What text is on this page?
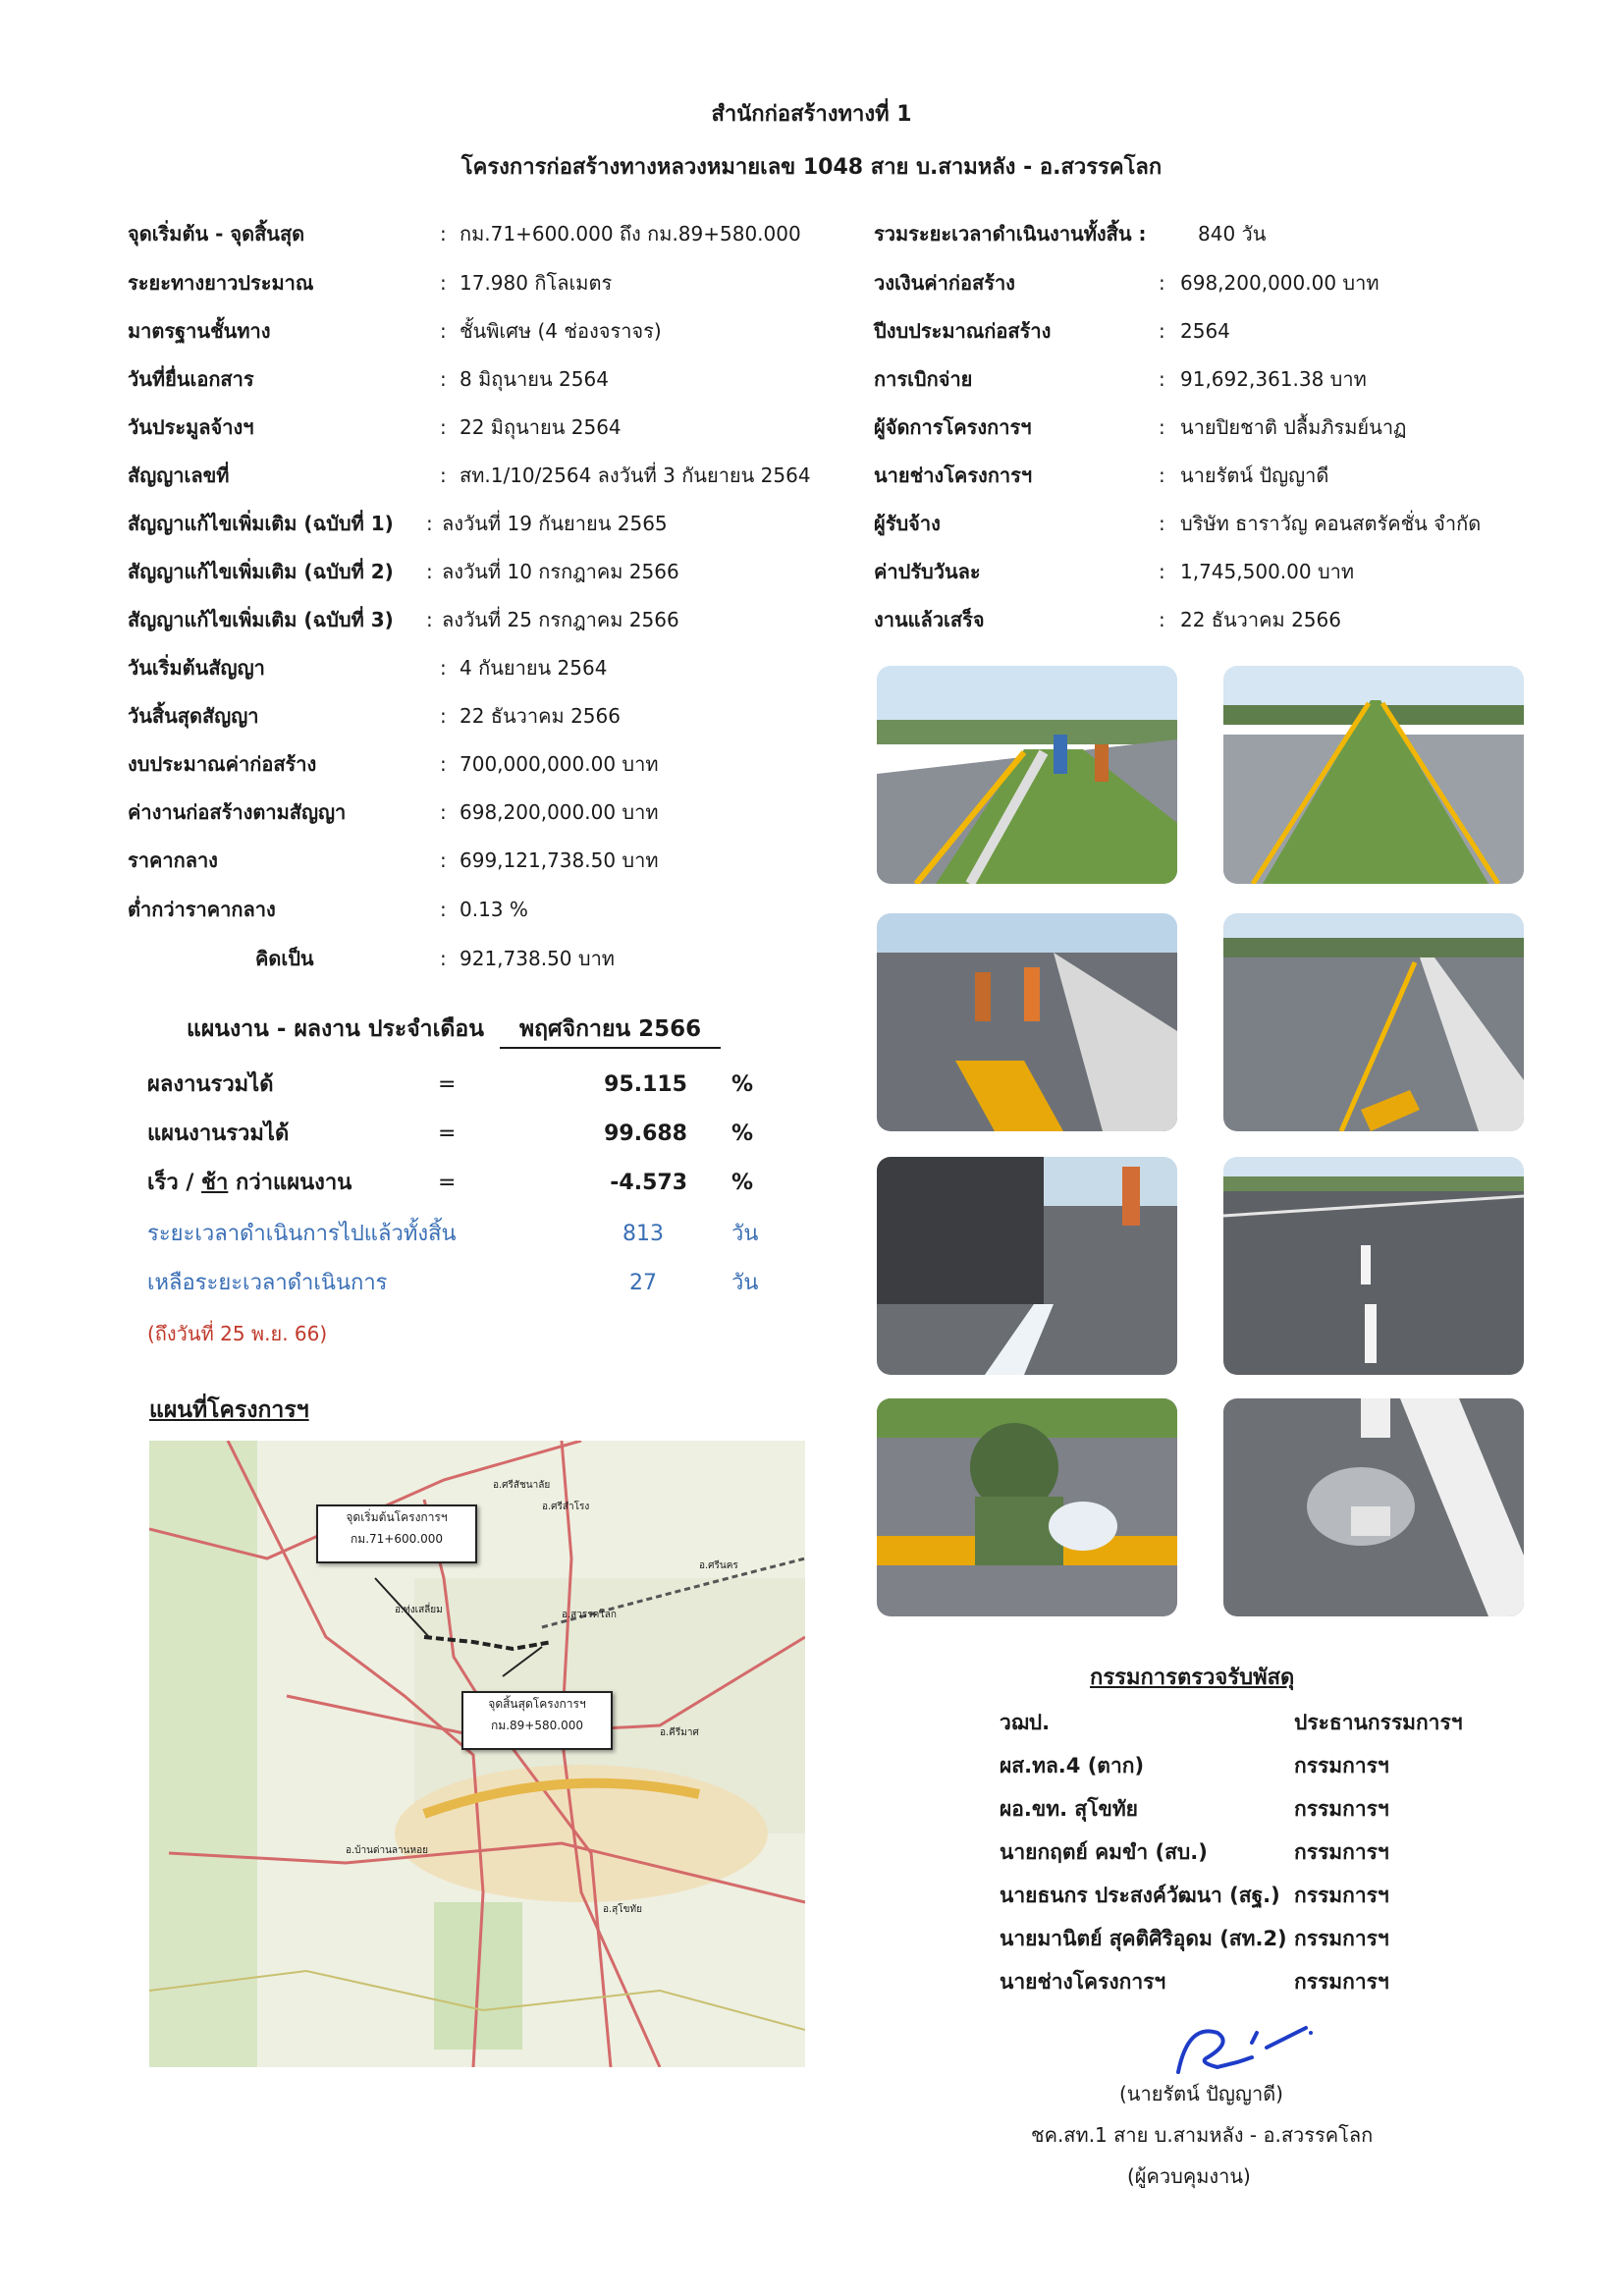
สำนักก่อสร้างทางที่ 1
โครงการก่อสร้างทางหลวงหมายเลข 1048 สาย บ.สามหลัง - อ.สวรรคโลก
จุดเริ่มต้น - จุดสิ้นสุด	: กม.71+600.000 ถึง กม.89+580.000
ระยะทางยาวประมาณ	: 17.980 กิโลเมตร
มาตรฐานชั้นทาง	: ชั้นพิเศษ (4 ช่องจราจร)
วันที่ยื่นเอกสาร	: 8 มิถุนายน 2564
วันประมูลจ้างฯ	: 22 มิถุนายน 2564
สัญญาเลขที่	: สท.1/10/2564 ลงวันที่ 3 กันยายน 2564
สัญญาแก้ไขเพิ่มเติม (ฉบับที่ 1) : ลงวันที่ 19 กันยายน 2565
สัญญาแก้ไขเพิ่มเติม (ฉบับที่ 2) : ลงวันที่ 10 กรกฎาคม 2566
สัญญาแก้ไขเพิ่มเติม (ฉบับที่ 3) : ลงวันที่ 25 กรกฎาคม 2566
วันเริ่มต้นสัญญา	: 4 กันยายน 2564
วันสิ้นสุดสัญญา	: 22 ธันวาคม 2566
งบประมาณค่าก่อสร้าง	: 700,000,000.00 บาท
ค่างานก่อสร้างตามสัญญา	: 698,200,000.00 บาท
ราคากลาง	: 699,121,738.50 บาท
ต่ำกว่าราคากลาง	: 0.13 %
คิดเป็น	: 921,738.50 บาท
รวมระยะเวลาดำเนินงานทั้งสิ้น :	840 วัน
วงเงินค่าก่อสร้าง	: 698,200,000.00 บาท
ปีงบประมาณก่อสร้าง	: 2564
การเบิกจ่าย	: 91,692,361.38 บาท
ผู้จัดการโครงการฯ	: นายปิยชาติ ปลื้มภิรมย์นาฏ
นายช่างโครงการฯ	: นายรัตน์ ปัญญาดี
ผู้รับจ้าง	: บริษัท ธาราวัญ คอนสตรัคชั่น จำกัด
ค่าปรับวันละ	: 1,745,500.00 บาท
งานแล้วเสร็จ	: 22 ธันวาคม 2566
แผนงาน - ผลงาน ประจำเดือน พฤศจิกายน 2566
ผลงานรวมได้	=	95.115 %
แผนงานรวมได้	=	99.688 %
เร็ว / ช้า กว่าแผนงาน	=	-4.573 %
ระยะเวลาดำเนินการไปแล้วทั้งสิ้น	813	วัน
เหลือระยะเวลาดำเนินการ	27	วัน
(ถึงวันที่ 25 พ.ย. 66)
แผนที่โครงการฯ
จุดเริ่มต้นโครงการฯ
กม.71+600.000
จุดสิ้นสุดโครงการฯ
กม.89+580.000
อ.ศรีสัชนาลัย
อ.ศรีสำโรง
อ.สวรรคโลก
อ.คีรีมาศ
อ.สุโขทัย
อ.บ้านด่านลานหอย
อ.ศรีนคร
อ.ทุ่งเสลี่ยม
กรรมการตรวจรับพัสดุ
วฌป.	ประธานกรรมการฯ
ผส.ทล.4 (ตาก)	กรรมการฯ
ผอ.ขท. สุโขทัย	กรรมการฯ
นายกฤตย์ คมขำ (สบ.)	กรรมการฯ
นายธนกร ประสงค์วัฒนา (สฐ.) กรรมการฯ
นายมานิตย์ สุคติศิริอุดม (สท.2) กรรมการฯ
นายช่างโครงการฯ	กรรมการฯ
(นายรัตน์ ปัญญาดี)
ชค.สท.1 สาย บ.สามหลัง - อ.สวรรคโลก
(ผู้ควบคุมงาน)
